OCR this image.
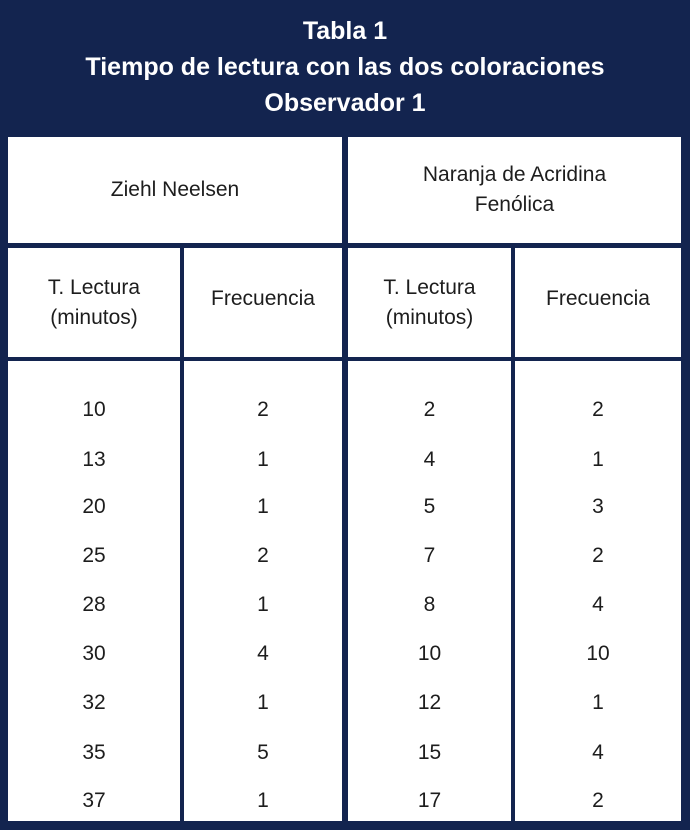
Tabla 1
Tiempo de lectura con las dos coloraciones
Observador 1
Ziehl Neelsen
Naranja de Acridina
Fenólica
T. Lectura
(minutos)
Frecuencia	T. Lectura
(minutos)
Frecuencia
10
13
20
25
28
30
32
35
37
2
1
1
2
1
4
1
5
1
2
4
5
7
8
10
12
15
17
2
1
3
2
4
10
1
4
2
